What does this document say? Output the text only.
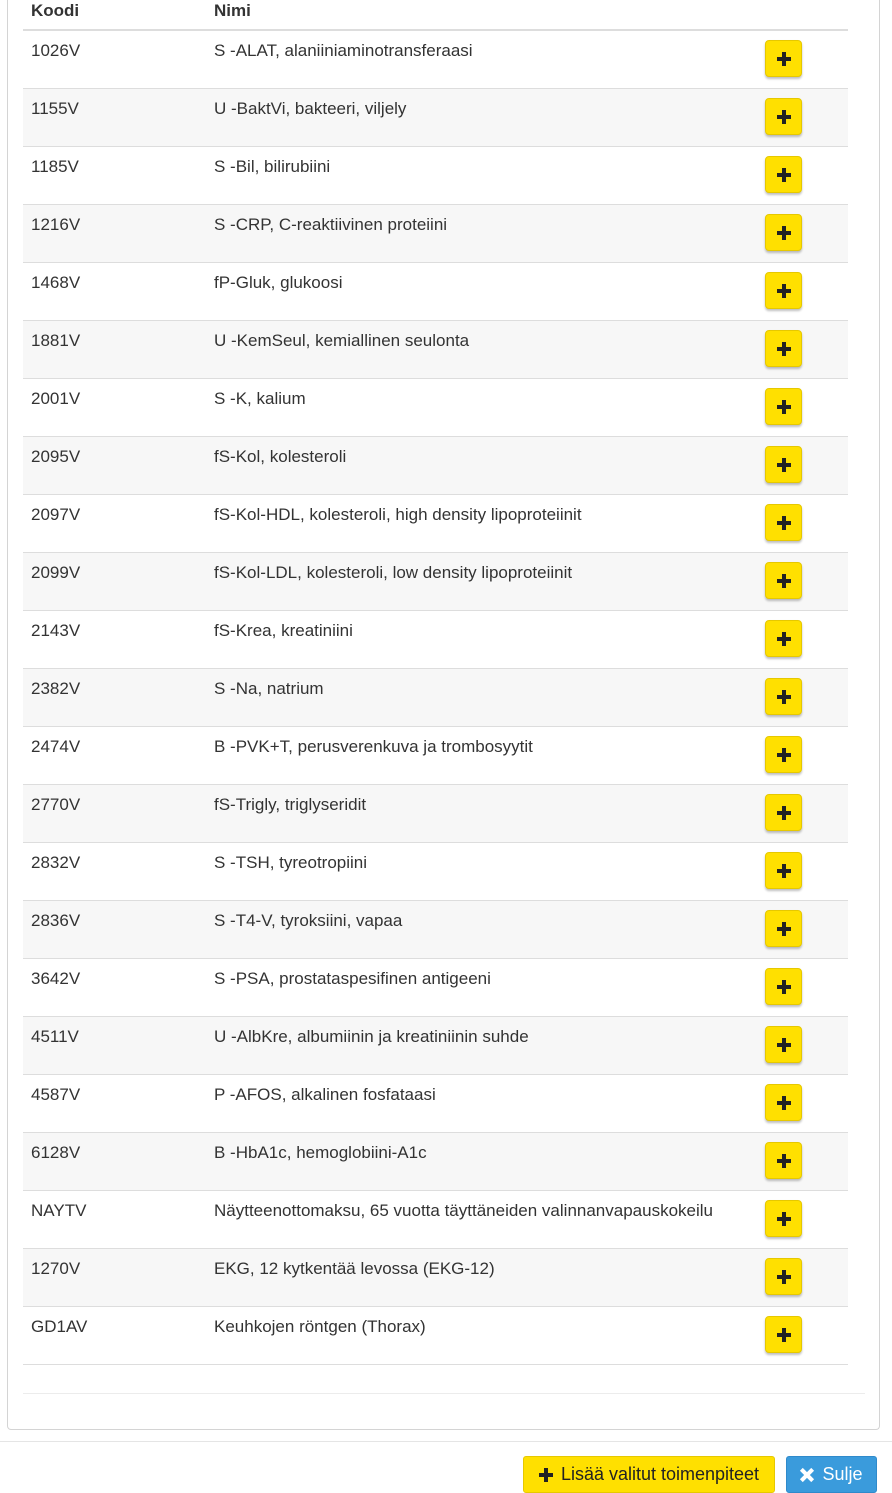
Koodi	Nimi
1026V	S -ALAT, alaniiniaminotransferaasi
1155V	U -BaktVi, bakteeri, viljely
1185V	S -Bil, bilirubiini
1216V	S -CRP, C-reaktiivinen proteiini
1468V	fP-Gluk, glukoosi
1881V	U -KemSeul, kemiallinen seulonta
2001V	S -K, kalium
2095V	fS-Kol, kolesteroli
2097V	fS-Kol-HDL, kolesteroli, high density lipoproteiinit
2099V	fS-Kol-LDL, kolesteroli, low density lipoproteiinit
2143V	fS-Krea, kreatiniini
2382V	S -Na, natrium
2474V	B -PVK+T, perusverenkuva ja trombosyytit
2770V	fS-Trigly, triglyseridit
2832V	S -TSH, tyreotropiini
2836V	S -T4-V, tyroksiini, vapaa
3642V	S -PSA, prostataspesifinen antigeeni
4511V	U -AlbKre, albumiinin ja kreatiniinin suhde
4587V	P -AFOS, alkalinen fosfataasi
6128V	B -HbA1c, hemoglobiini-A1c
NAYTV	Näytteenottomaksu, 65 vuotta täyttäneiden valinnanvapauskokeilu
1270V	EKG, 12 kytkentää levossa (EKG-12)
GD1AV	Keuhkojen röntgen (Thorax)
Lisää valitut toimenpiteet	Sulje
